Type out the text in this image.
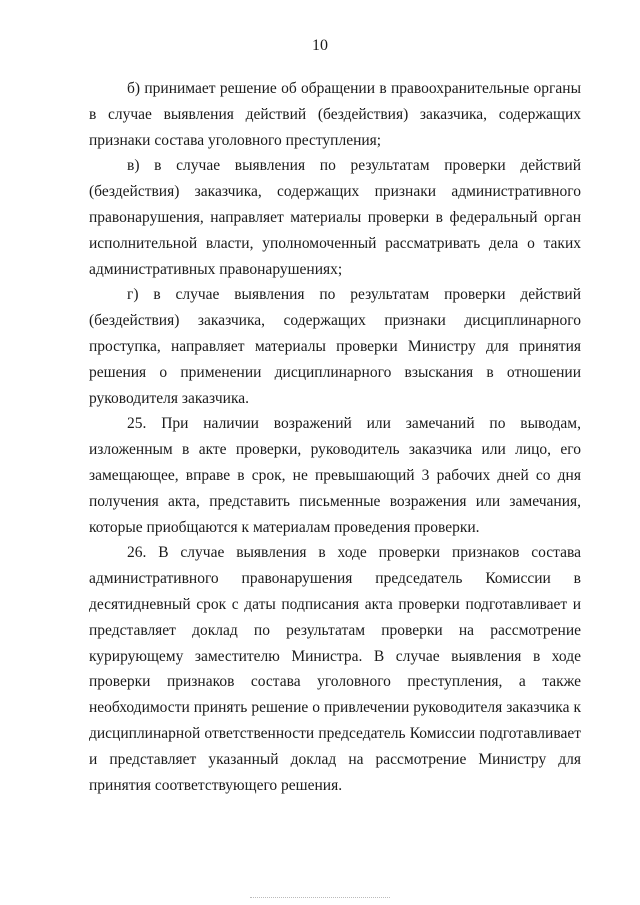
10

б) принимает решение об обращении в правоохранительные органы в случае выявления действий (бездействия) заказчика, содержащих признаки состава уголовного преступления;

в) в случае выявления по результатам проверки действий (бездействия) заказчика, содержащих признаки административного правонарушения, направляет материалы проверки в федеральный орган исполнительной власти, уполномоченный рассматривать дела о таких административных правонарушениях;

г) в случае выявления по результатам проверки действий (бездействия) заказчика, содержащих признаки дисциплинарного проступка, направляет материалы проверки Министру для принятия решения о применении дисциплинарного взыскания в отношении руководителя заказчика.

25. При наличии возражений или замечаний по выводам, изложенным в акте проверки, руководитель заказчика или лицо, его замещающее, вправе в срок, не превышающий 3 рабочих дней со дня получения акта, представить письменные возражения или замечания, которые приобщаются к материалам проведения проверки.

26. В случае выявления в ходе проверки признаков состава административного правонарушения председатель Комиссии в десятидневный срок с даты подписания акта проверки подготавливает и представляет доклад по результатам проверки на рассмотрение курирующему заместителю Министра. В случае выявления в ходе проверки признаков состава уголовного преступления, а также необходимости принять решение о привлечении руководителя заказчика к дисциплинарной ответственности председатель Комиссии подготавливает и представляет указанный доклад на рассмотрение Министру для принятия соответствующего решения.
